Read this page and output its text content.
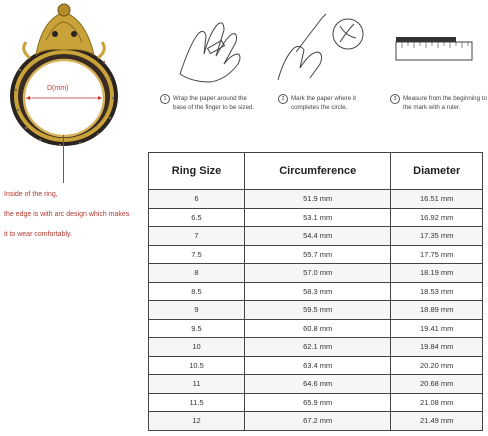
D(mm)
Inside of the ring,
the edge is with arc design which makes
it to wear comfortably.
1 Wrap the paper around the base of the finger to be sized.
2 Mark the paper where it completes the circle.
3 Measure from the beginning to the mark with a ruler.
Ring Size	Circumference	Diameter
6	51.9 mm	16.51 mm
6.5	53.1 mm	16.92 mm
7	54.4 mm	17.35 mm
7.5	55.7 mm	17.75 mm
8	57.0 mm	18.19 mm
8.5	58.3 mm	18.53 mm
9	59.5 mm	18.89 mm
9.5	60.8 mm	19.41 mm
10	62.1 mm	19.84 mm
10.5	63.4 mm	20.20 mm
11	64.6 mm	20.68 mm
11.5	65.9 mm	21.08 mm
12	67.2 mm	21.49 mm
